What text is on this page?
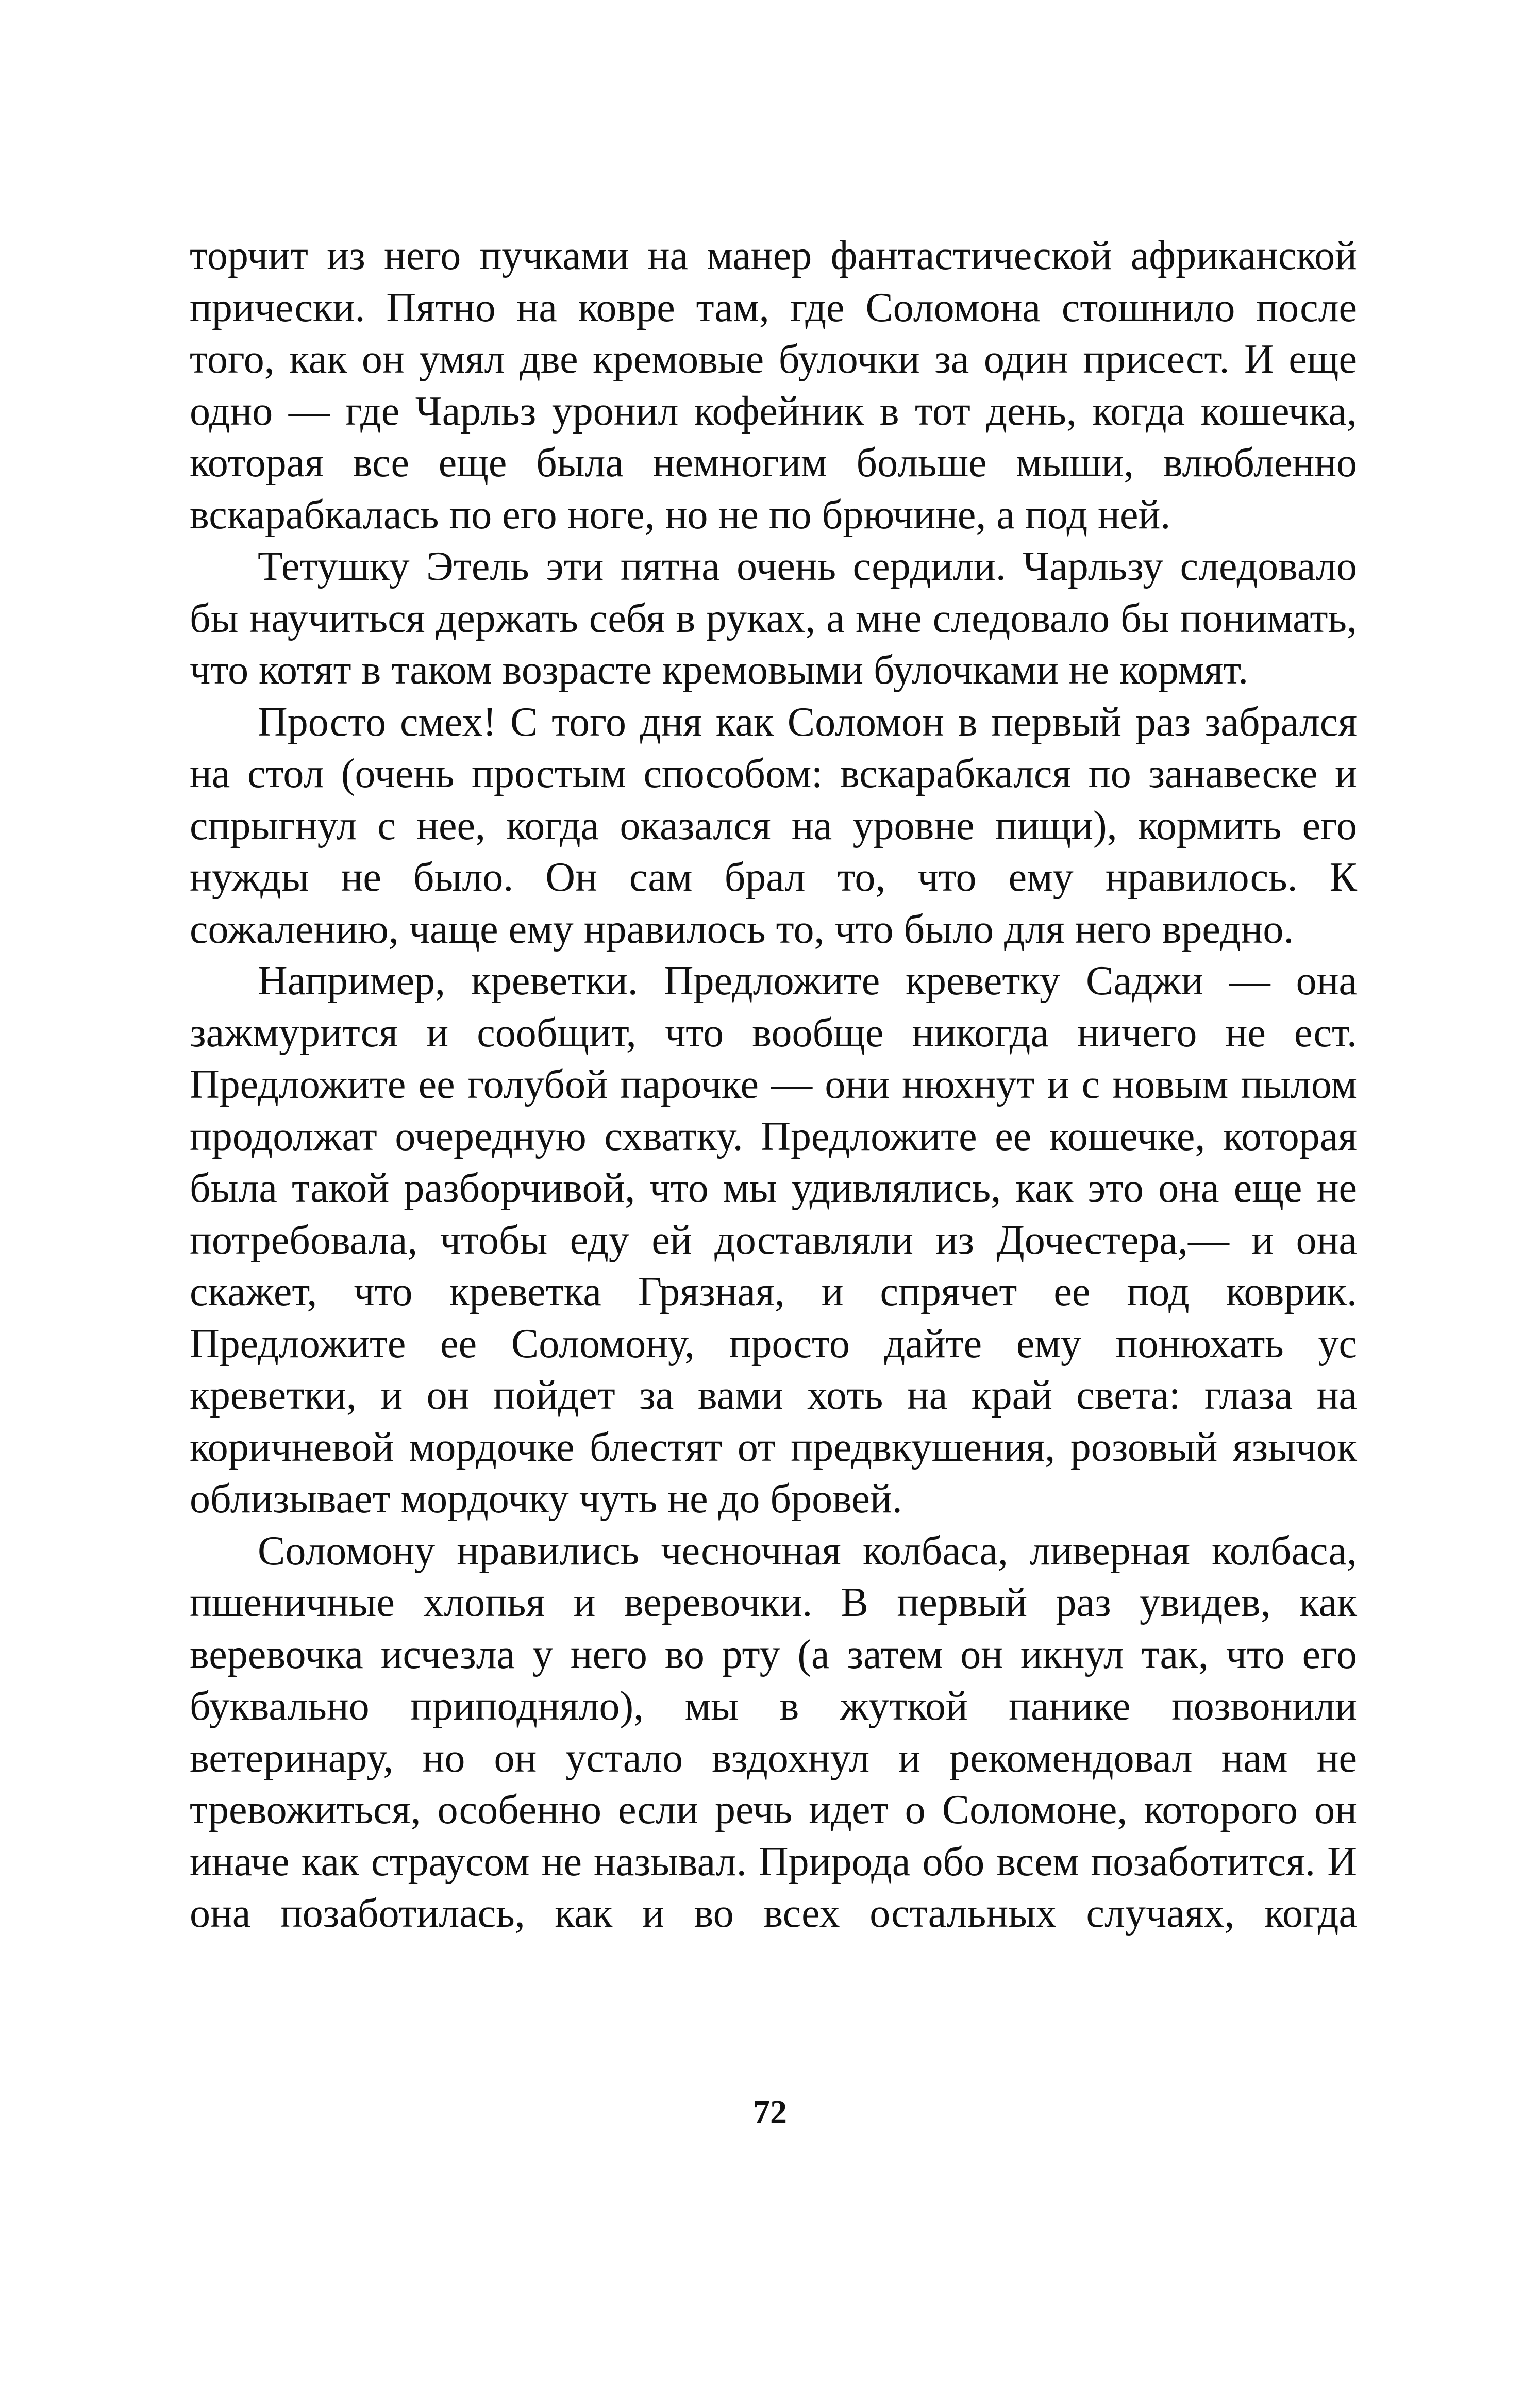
торчит из него пучками на манер фантастической африканской прически. Пятно на ковре там, где Соломона стошнило после того, как он умял две кремовые булочки за один присест. И еще одно — где Чарльз уронил кофейник в тот день, когда кошечка, которая все еще была немногим больше мыши, влюбленно вскарабкалась по его ноге, но не по брючине, а под ней.

Тетушку Этель эти пятна очень сердили. Чарльзу следовало бы научиться держать себя в руках, а мне следовало бы понимать, что котят в таком возрасте кремовыми булочками не кормят.

Просто смех! С того дня как Соломон в первый раз забрался на стол (очень простым способом: вскарабкался по занавеске и спрыгнул с нее, когда оказался на уровне пищи), кормить его нужды не было. Он сам брал то, что ему нравилось. К сожалению, чаще ему нравилось то, что было для него вредно.

Например, креветки. Предложите креветку Саджи — она зажмурится и сообщит, что вообще никогда ничего не ест. Предложите ее голубой парочке — они нюхнут и с новым пылом продолжат очередную схватку. Предложите ее кошечке, которая была такой разборчивой, что мы удивлялись, как это она еще не потребовала, чтобы еду ей доставляли из Дочестера,— и она скажет, что креветка Грязная, и спрячет ее под коврик. Предложите ее Соломону, просто дайте ему понюхать ус креветки, и он пойдет за вами хоть на край света: глаза на коричневой мордочке блестят от предвкушения, розовый язычок облизывает мордочку чуть не до бровей.

Соломону нравились чесночная колбаса, ливерная колбаса, пшеничные хлопья и веревочки. В первый раз увидев, как веревочка исчезла у него во рту (а затем он икнул так, что его буквально приподняло), мы в жуткой панике позвонили ветеринару, но он устало вздохнул и рекомендовал нам не тревожиться, особенно если речь идет о Соломоне, которого он иначе как страусом не называл. Природа обо всем позаботится. И она позаботилась, как и во всех остальных случаях, когда

72
